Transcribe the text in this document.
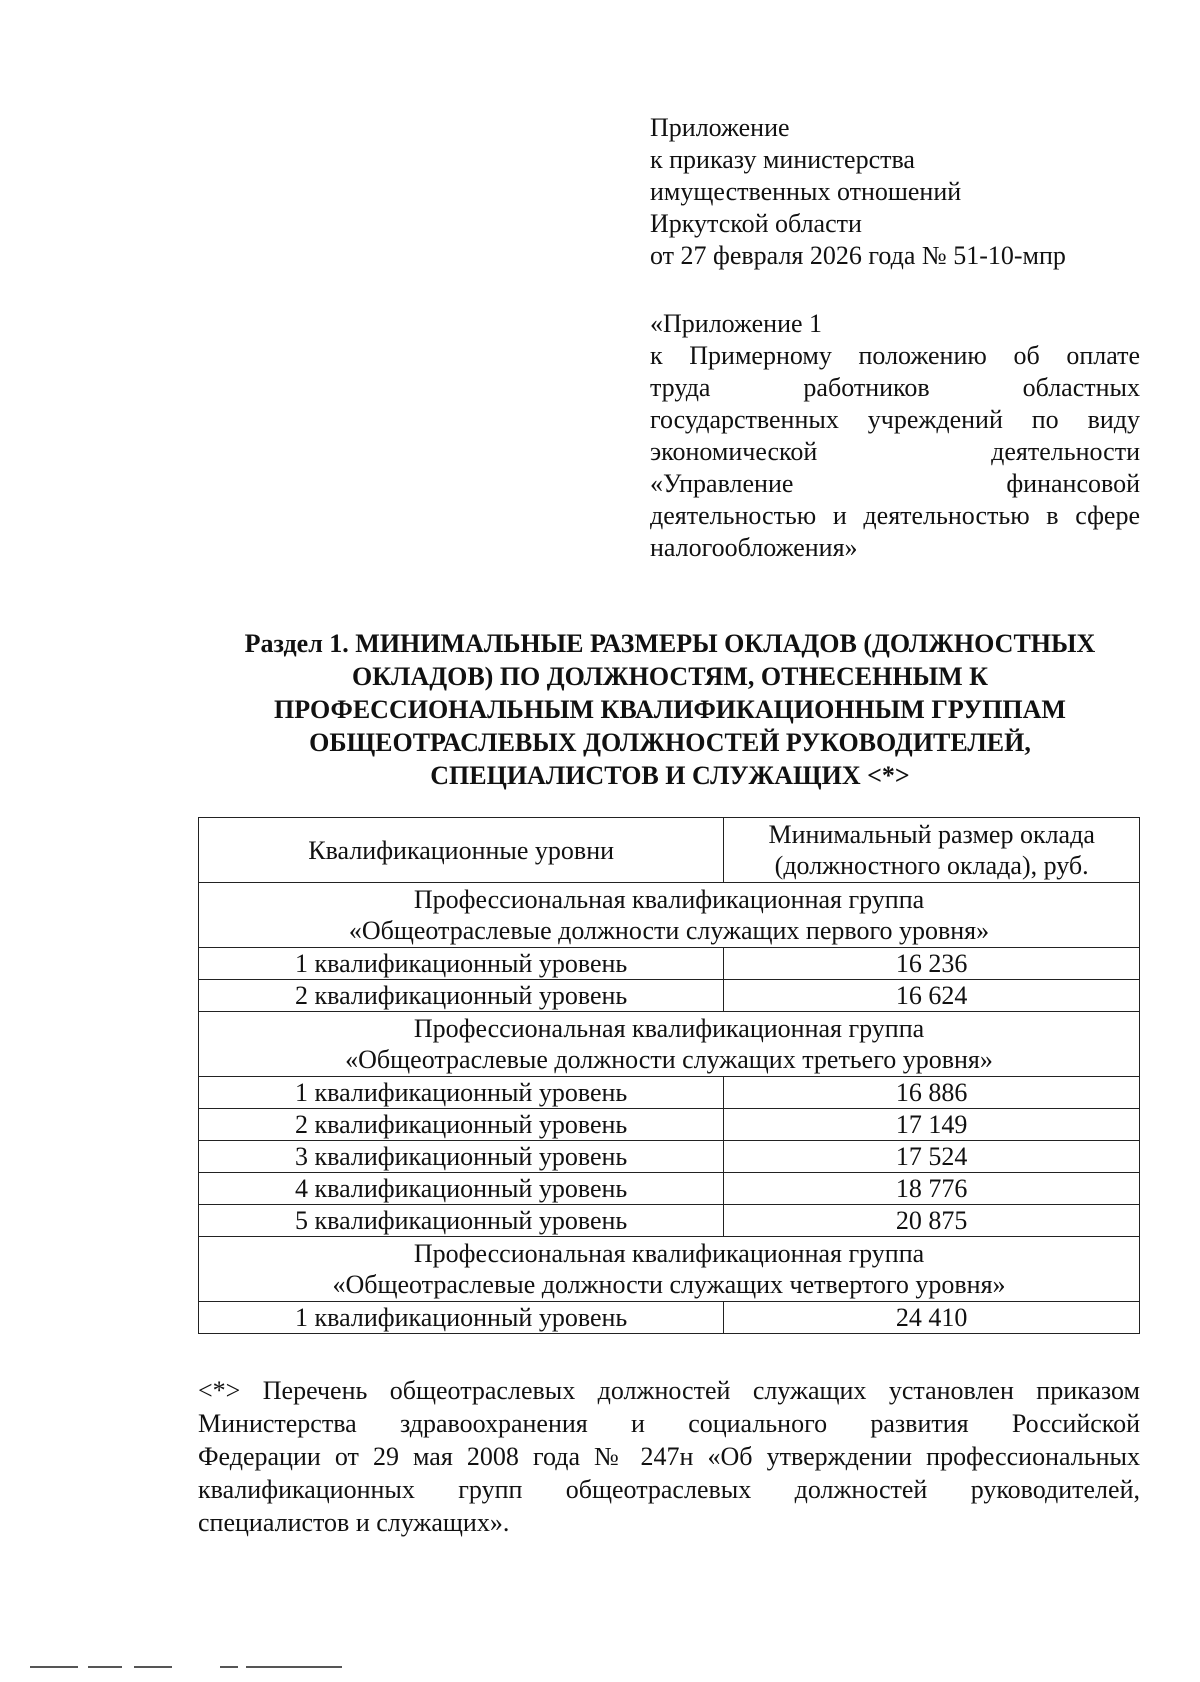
Приложение
к приказу министерства
имущественных отношений
Иркутской области
от 27 февраля 2026 года № 51-10-мпр
«Приложение 1
к Примерному положению об оплате
труда работников областных
государственных учреждений по виду
экономической деятельности
«Управление финансовой
деятельностью и деятельностью в сфере
налогообложения»
Раздел 1. МИНИМАЛЬНЫЕ РАЗМЕРЫ ОКЛАДОВ (ДОЛЖНОСТНЫХ
ОКЛАДОВ) ПО ДОЛЖНОСТЯМ, ОТНЕСЕННЫМ К
ПРОФЕССИОНАЛЬНЫМ КВАЛИФИКАЦИОННЫМ ГРУППАМ
ОБЩЕОТРАСЛЕВЫХ ДОЛЖНОСТЕЙ РУКОВОДИТЕЛЕЙ,
СПЕЦИАЛИСТОВ И СЛУЖАЩИХ <*>
Квалификационные уровни	Минимальный размер оклада
(должностного оклада), руб.

Профессиональная квалификационная группа
«Общеотраслевые должности служащих первого уровня»	

1 квалификационный уровень	16 236
2 квалификационный уровень	16 624

Профессиональная квалификационная группа
«Общеотраслевые должности служащих третьего уровня»	

1 квалификационный уровень	16 886
2 квалификационный уровень	17 149
3 квалификационный уровень	17 524
4 квалификационный уровень	18 776
5 квалификационный уровень	20 875

Профессиональная квалификационная группа
«Общеотраслевые должности служащих четвертого уровня»	

1 квалификационный уровень	24 410
<*> Перечень общеотраслевых должностей служащих установлен приказом
Министерства здравоохранения и социального развития Российской
Федерации от 29 мая 2008 года № 247н «Об утверждении профессиональных
квалификационных групп общеотраслевых должностей руководителей,
специалистов и служащих».
